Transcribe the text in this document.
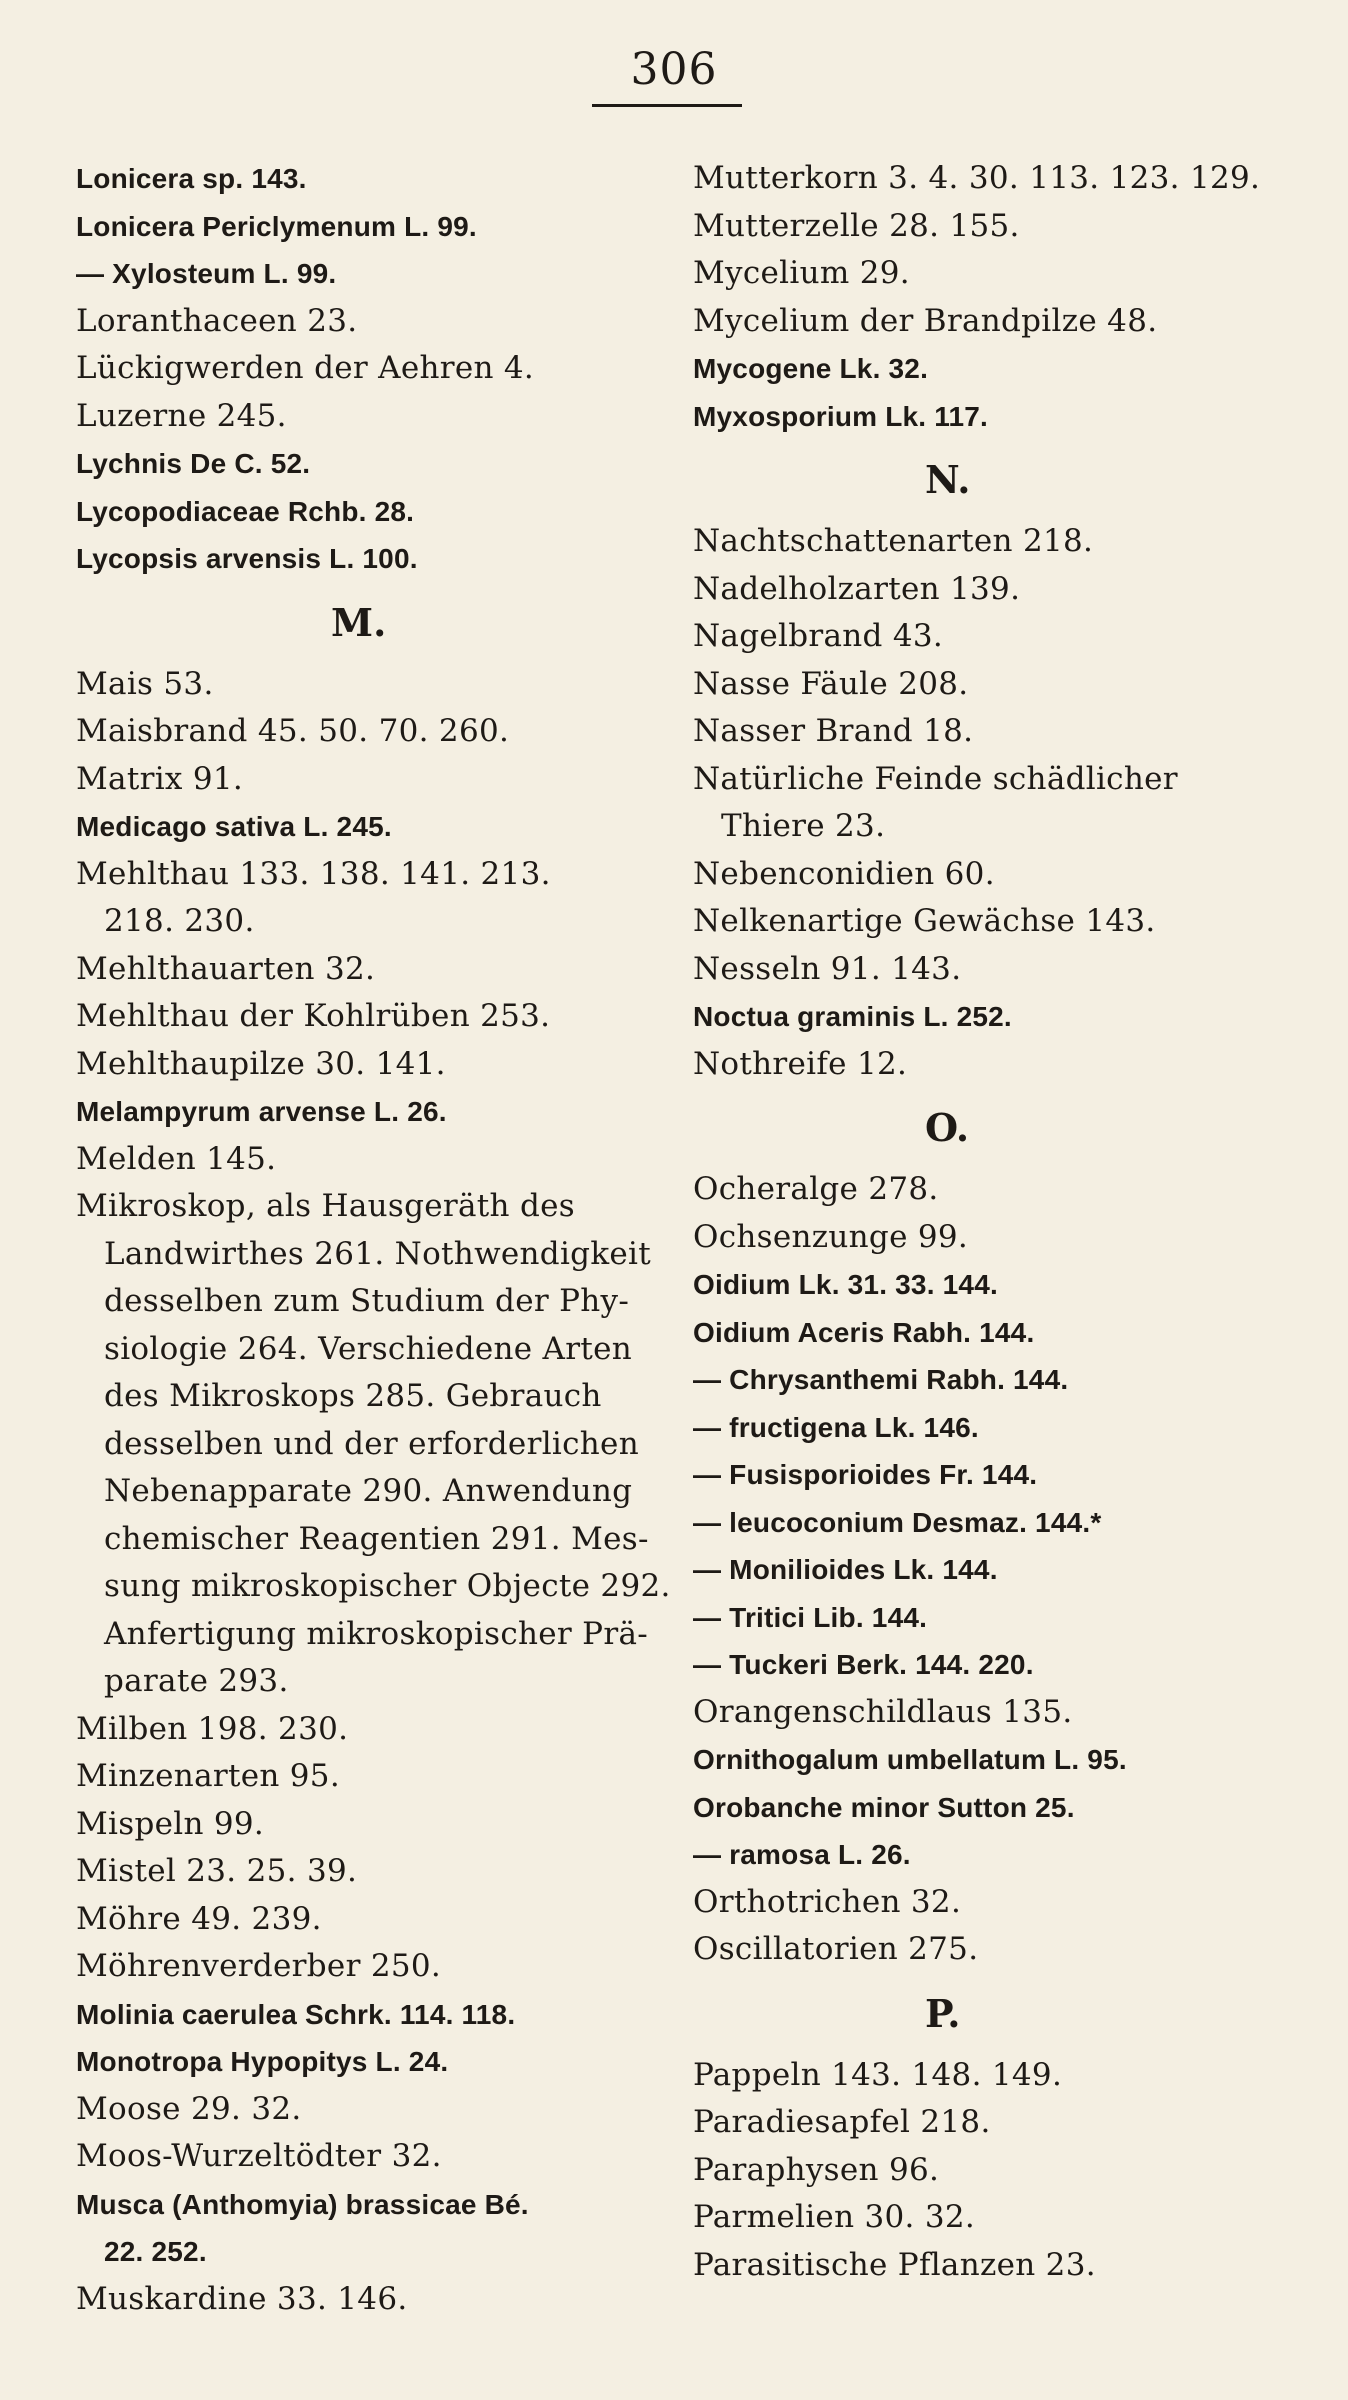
306
Lonicera sp. 143.
Lonicera Periclymenum L. 99.
— Xylosteum L. 99.
Loranthaceen 23.
Lückigwerden der Aehren 4.
Luzerne 245.
Lychnis De C. 52.
Lycopodiaceae Rchb. 28.
Lycopsis arvensis L. 100.
M.
Mais 53.
Maisbrand 45. 50. 70. 260.
Matrix 91.
Medicago sativa L. 245.
Mehlthau 133. 138. 141. 213.
218. 230.
Mehlthauarten 32.
Mehlthau der Kohlrüben 253.
Mehlthaupilze 30. 141.
Melampyrum arvense L. 26.
Melden 145.
Mikroskop, als Hausgeräth des
Landwirthes 261. Nothwendigkeit
desselben zum Studium der Phy-
siologie 264. Verschiedene Arten
des Mikroskops 285. Gebrauch
desselben und der erforderlichen
Nebenapparate 290. Anwendung
chemischer Reagentien 291. Mes-
sung mikroskopischer Objecte 292.
Anfertigung mikroskopischer Prä-
parate 293.
Milben 198. 230.
Minzenarten 95.
Mispeln 99.
Mistel 23. 25. 39.
Möhre 49. 239.
Möhrenverderber 250.
Molinia caerulea Schrk. 114. 118.
Monotropa Hypopitys L. 24.
Moose 29. 32.
Moos-Wurzeltödter 32.
Musca (Anthomyia) brassicae Bé.
22. 252.
Muskardine 33. 146.
Mutterkorn 3. 4. 30. 113. 123. 129.
Mutterzelle 28. 155.
Mycelium 29.
Mycelium der Brandpilze 48.
Mycogene Lk. 32.
Myxosporium Lk. 117.
N.
Nachtschattenarten 218.
Nadelholzarten 139.
Nagelbrand 43.
Nasse Fäule 208.
Nasser Brand 18.
Natürliche Feinde schädlicher
Thiere 23.
Nebenconidien 60.
Nelkenartige Gewächse 143.
Nesseln 91. 143.
Noctua graminis L. 252.
Nothreife 12.
O.
Ocheralge 278.
Ochsenzunge 99.
Oidium Lk. 31. 33. 144.
Oidium Aceris Rabh. 144.
— Chrysanthemi Rabh. 144.
— fructigena Lk. 146.
— Fusisporioides Fr. 144.
— leucoconium Desmaz. 144.*
— Monilioides Lk. 144.
— Tritici Lib. 144.
— Tuckeri Berk. 144. 220.
Orangenschildlaus 135.
Ornithogalum umbellatum L. 95.
Orobanche minor Sutton 25.
— ramosa L. 26.
Orthotrichen 32.
Oscillatorien 275.
P.
Pappeln 143. 148. 149.
Paradiesapfel 218.
Paraphysen 96.
Parmelien 30. 32.
Parasitische Pflanzen 23.
